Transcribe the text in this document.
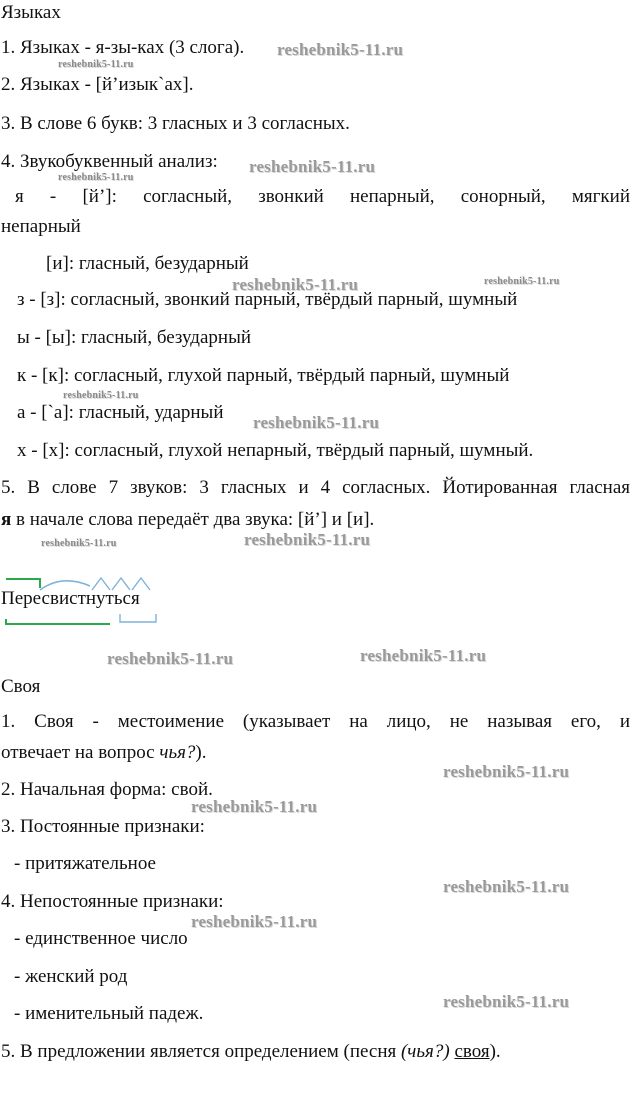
Языках
1. Языках - я-зы-ках (3 слога).
2. Языках - [й’изык`ах].
3. В слове 6 букв: 3 гласных и 3 согласных.
4. Звукобуквенный анализ:
я - [й’]: согласный, звонкий непарный, сонорный, мягкий
непарный
[и]: гласный, безударный
з - [з]: согласный, звонкий парный, твёрдый парный, шумный
ы - [ы]: гласный, безударный
к - [к]: согласный, глухой парный, твёрдый парный, шумный
а - [`а]: гласный, ударный
х - [х]: согласный, глухой непарный, твёрдый парный, шумный.
5. В слове 7 звуков: 3 гласных и 4 согласных. Йотированная гласная
я в начале слова передаёт два звука: [й’] и [и].
Пересвистнуться
Своя
1. Своя - местоимение (указывает на лицо, не называя его, и
отвечает на вопрос чья?).
2. Начальная форма: свой.
3. Постоянные признаки:
- притяжательное
4. Непостоянные признаки:
- единственное число
- женский род
- именительный падеж.
5. В предложении является определением (песня (чья?) своя).
reshebnik5-11.ru
reshebnik5-11.ru
reshebnik5-11.ru
reshebnik5-11.ru
reshebnik5-11.ru	reshebnik5-11.ru
reshebnik5-11.ru
reshebnik5-11.ru
reshebnik5-11.ru	reshebnik5-11.ru
reshebnik5-11.ru	reshebnik5-11.ru
reshebnik5-11.ru
reshebnik5-11.ru
reshebnik5-11.ru
reshebnik5-11.ru
reshebnik5-11.ru
